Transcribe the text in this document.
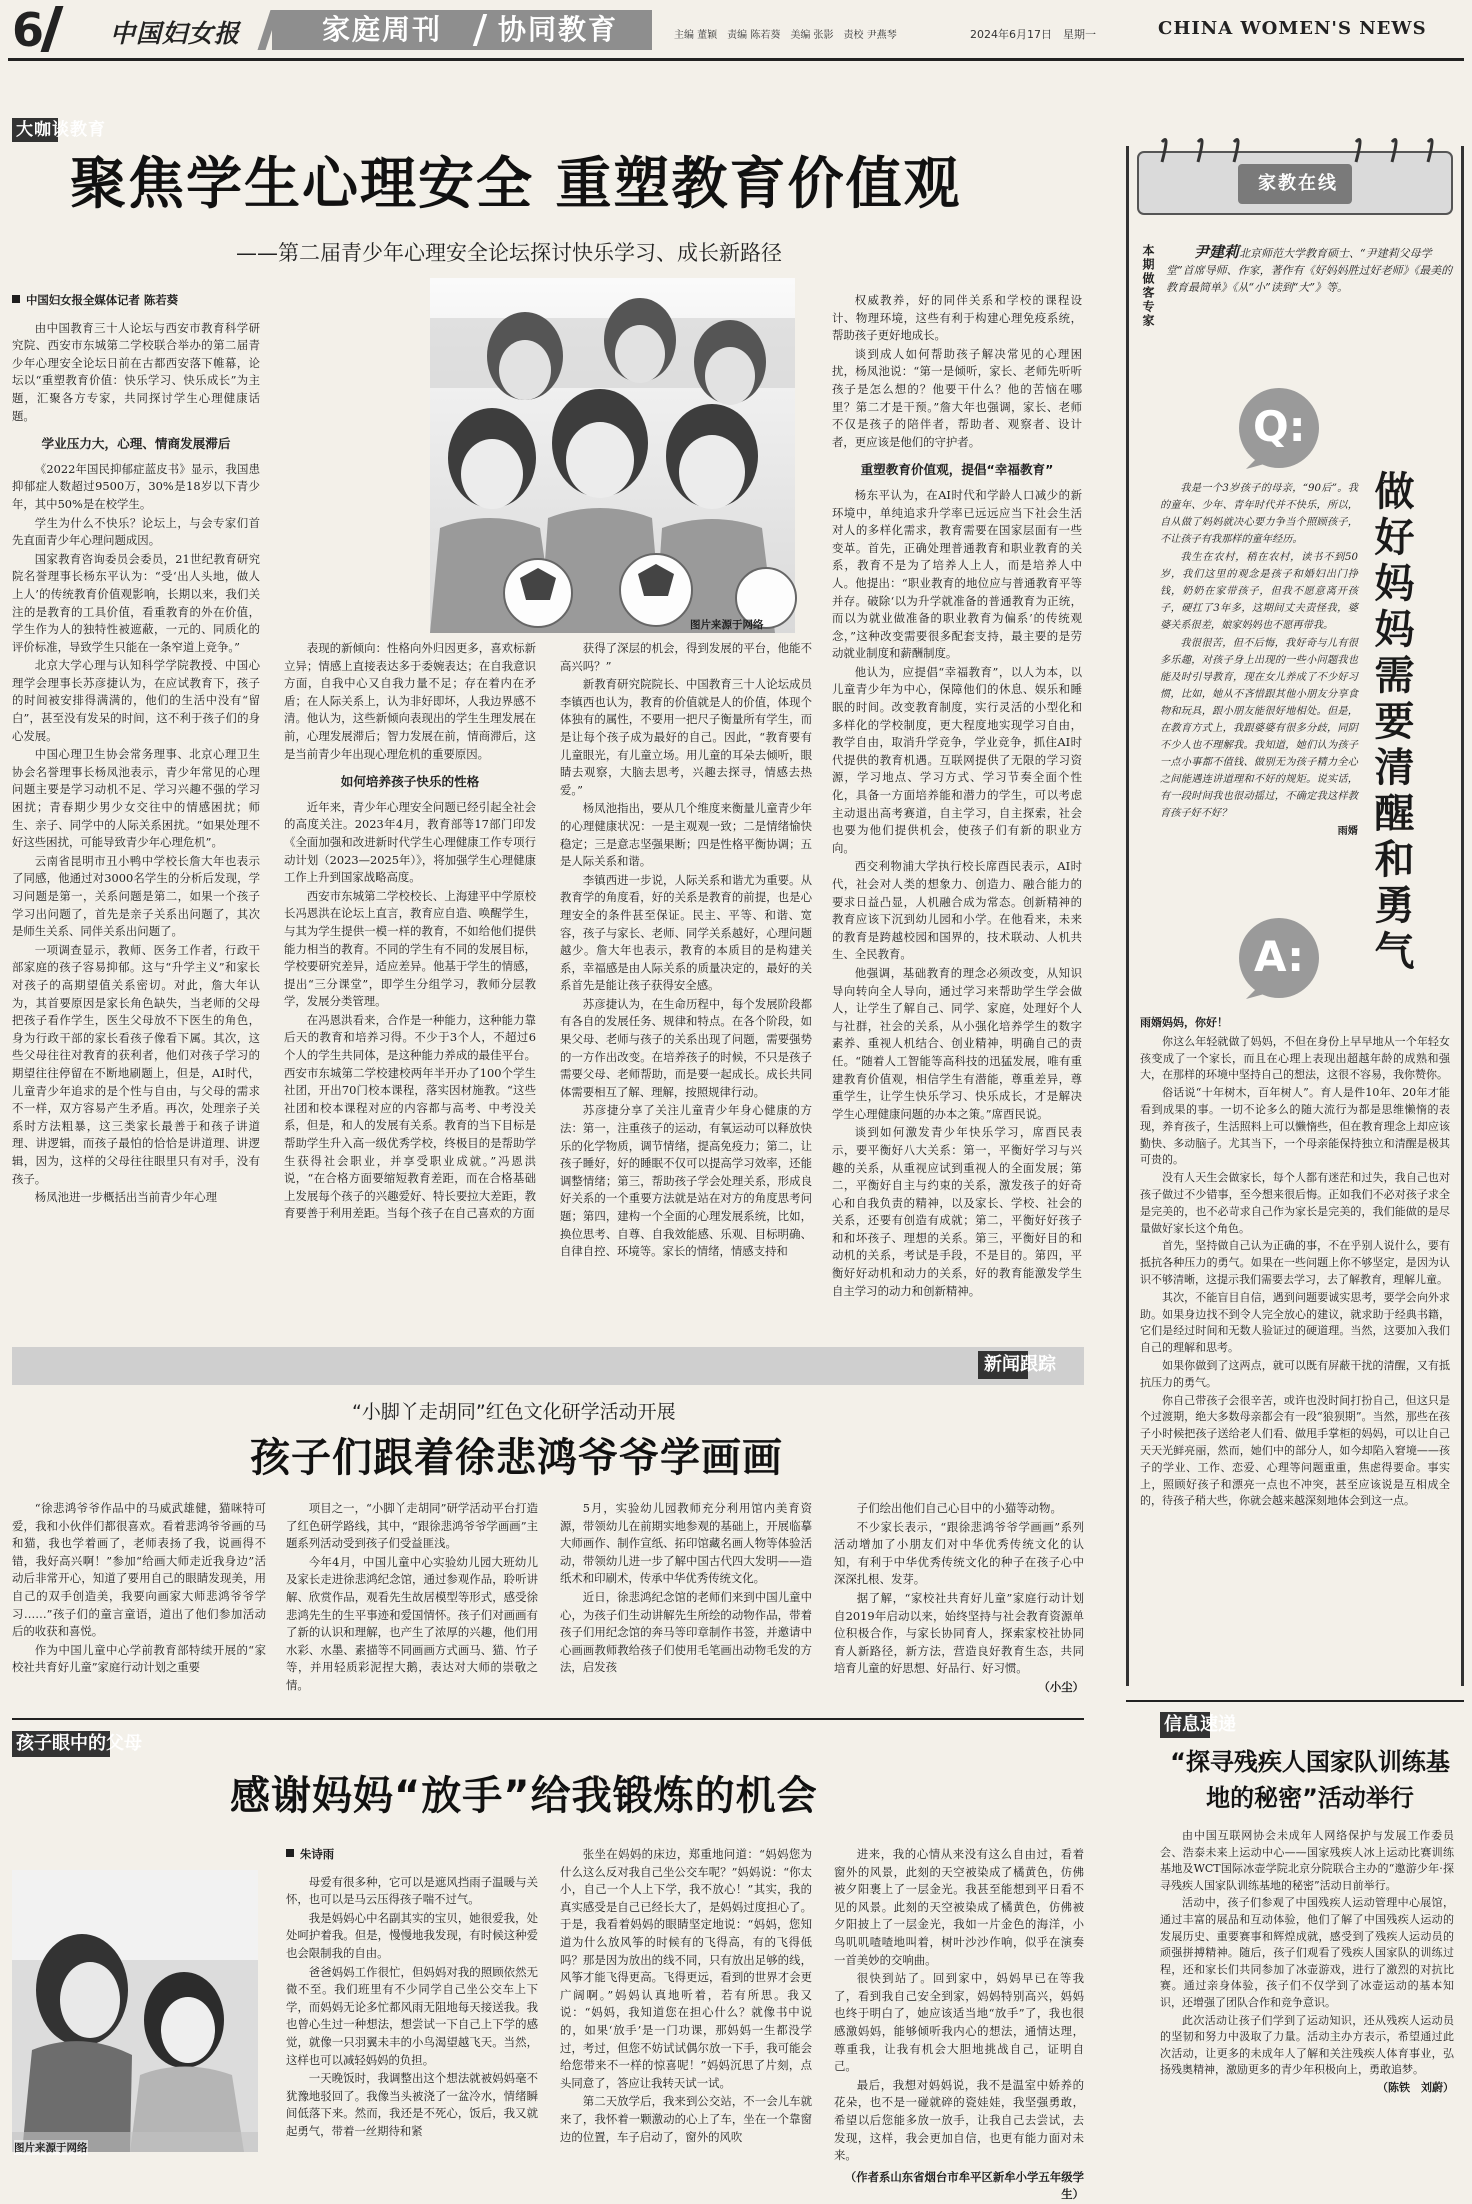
6	中国妇女报	家庭周刊 协同教育	主编 董颖　责编 陈若葵　美编 张影　责校 尹燕琴	2024年6月17日　星期一	CHINA WOMEN'S NEWS
大咖谈教育
聚焦学生心理安全 重塑教育价值观
——第二届青少年心理安全论坛探讨快乐学习、成长新路径
图片来源于网络

中国妇女报全媒体记者 陈若葵

由中国教育三十人论坛与西安市教育科学研究院、西安市东城第二学校联合举办的第二届青少年心理安全论坛日前在古都西安落下帷幕，论坛以“重塑教育价值：快乐学习、快乐成长”为主题，汇聚各方专家，共同探讨学生心理健康话题。

学业压力大，心理、情商发展滞后

《2022年国民抑郁症蓝皮书》显示，我国患抑郁症人数超过9500万，30%是18岁以下青少年，其中50%是在校学生。

学生为什么不快乐？论坛上，与会专家们首先直面青少年心理问题成因。

国家教育咨询委员会委员，21世纪教育研究院名誉理事长杨东平认为：“受‘出人头地，做人上人’的传统教育价值观影响，长期以来，我们关注的是教育的工具价值，看重教育的外在价值，学生作为人的独特性被遮蔽，一元的、同质化的评价标准，导致学生只能在一条窄道上竞争。”

北京大学心理与认知科学学院教授、中国心理学会理事长苏彦捷认为，在应试教育下，孩子的时间被安排得满满的，他们的生活中没有“留白”，甚至没有发呆的时间，这不利于孩子们的身心发展。

中国心理卫生协会常务理事、北京心理卫生协会名誉理事长杨凤池表示，青少年常见的心理问题主要是学习动机不足、学习兴趣不强的学习困扰；青春期少男少女交往中的情感困扰；师生、亲子、同学中的人际关系困扰。“如果处理不好这些困扰，可能导致青少年心理危机”。

云南省昆明市丑小鸭中学校长詹大年也表示了同感，他通过对3000名学生的分析后发现，学习问题是第一，关系问题是第二，如果一个孩子学习出问题了，首先是亲子关系出问题了，其次是师生关系、同伴关系出问题了。

一项调查显示，教师、医务工作者，行政干部家庭的孩子容易抑郁。这与“升学主义”和家长对孩子的高期望值关系密切。对此，詹大年认为，其首要原因是家长角色缺失，当老师的父母把孩子看作学生，医生父母放不下医生的角色，身为行政干部的家长看孩子像看下属。其次，这些父母往往对教育的获利者，他们对孩子学习的期望往往停留在不断地刷题上，但是，AI时代，儿童青少年追求的是个性与自由，与父母的需求不一样，双方容易产生矛盾。再次，处理亲子关系时方法粗暴，这三类家长最善于和孩子讲道理、讲逻辑，而孩子最怕的恰恰是讲道理、讲逻辑，因为，这样的父母往往眼里只有对手，没有孩子。

杨凤池进一步概括出当前青少年心理

表现的新倾向：性格向外归因更多，喜欢标新立异；情感上直接表达多于委婉表达；在自我意识方面，自我中心又自我力量不足；存在着内在矛盾；在人际关系上，认为非好即坏，人我边界感不清。他认为，这些新倾向表现出的学生生理发展在前，心理发展滞后；智力发展在前，情商滞后，这是当前青少年出现心理危机的重要原因。

如何培养孩子快乐的性格

近年来，青少年心理安全问题已经引起全社会的高度关注。2023年4月，教育部等17部门印发《全面加强和改进新时代学生心理健康工作专项行动计划（2023—2025年）》，将加强学生心理健康工作上升到国家战略高度。

西安市东城第二学校校长、上海建平中学原校长冯恩洪在论坛上直言，教育应自造、唤醒学生，与其为学生提供一模一样的教育，不如给他们提供能力相当的教育。不同的学生有不同的发展目标，学校要研究差异，适应差异。他基于学生的情感，提出“三分课堂”，即学生分组学习，教师分层教学，发展分类管理。

在冯恩洪看来，合作是一种能力，这种能力靠后天的教育和培养习得。不少于3个人，不超过6个人的学生共同体，是这种能力养成的最佳平台。西安市东城第二学校建校两年半开办了100个学生社团，开出70门校本课程，落实因材施教。“这些社团和校本课程对应的内容都与高考、中考没关系，但是，和人的发展有关系。教育的当下目标是帮助学生升入高一级优秀学校，终极目的是帮助学生获得社会职业，并享受职业成就。”冯恩洪说，“在合格方面要缩短教育差距，而在合格基础上发展每个孩子的兴趣爱好、特长要拉大差距，教育要善于利用差距。当每个孩子在自己喜欢的方面

获得了深层的机会，得到发展的平台，他能不高兴吗？”

新教育研究院院长、中国教育三十人论坛成员李镇西也认为，教育的价值就是人的价值，体现个体独有的属性，不要用一把尺子衡量所有学生，而是让每个孩子成为最好的自己。因此，“教育要有儿童眼光，有儿童立场。用儿童的耳朵去倾听，眼睛去观察，大脑去思考，兴趣去探寻，情感去热爱。”

杨凤池指出，要从几个维度来衡量儿童青少年的心理健康状况：一是主观观一致；二是情绪愉快稳定；三是意志坚强果断；四是性格平衡协调；五是人际关系和谐。

李镇西进一步说，人际关系和谐尤为重要。从教育学的角度看，好的关系是教育的前提，也是心理安全的条件甚至保证。民主、平等、和谐、宽容，孩子与家长、老师、同学关系越好，心理问题越少。詹大年也表示，教育的本质目的是构建关系，幸福感是由人际关系的质量决定的，最好的关系首先是能让孩子获得安全感。

苏彦捷认为，在生命历程中，每个发展阶段都有各自的发展任务、规律和特点。在各个阶段，如果父母、老师与孩子的关系出现了问题，需要强势的一方作出改变。在培养孩子的时候，不只是孩子需要父母、老师帮助，而是要一起成长。成长共同体需要相互了解、理解，按照规律行动。

苏彦捷分享了关注儿童青少年身心健康的方法：第一，注重孩子的运动，有氧运动可以释放快乐的化学物质，调节情绪，提高免疫力；第二，让孩子睡好，好的睡眠不仅可以提高学习效率，还能调整情绪；第三，帮助孩子学会处理关系，形成良好关系的一个重要方法就是站在对方的角度思考问题；第四，建构一个全面的心理发展系统，比如，换位思考、自尊、自我效能感、乐观、目标明确、自律自控、环境等。家长的情绪，情感支持和

权威教养，好的同伴关系和学校的课程设计、物理环境，这些有利于构建心理免疫系统，帮助孩子更好地成长。

谈到成人如何帮助孩子解决常见的心理困扰，杨凤池说：“第一是倾听，家长、老师先听听孩子是怎么想的？他要干什么？他的苦恼在哪里？第二才是干预。”詹大年也强调，家长、老师不仅是孩子的陪伴者，帮助者、观察者、设计者，更应该是他们的守护者。

重塑教育价值观，提倡“幸福教育”

杨东平认为，在AI时代和学龄人口减少的新环境中，单纯追求升学率已远远应当下社会生活对人的多样化需求，教育需要在国家层面有一些变革。首先，正确处理普通教育和职业教育的关系，教育不是为了培养人上人，而是培养人中人。他提出：“职业教育的地位应与普通教育平等并存。破除‘以为升学就准备的普通教育为正统，而以为就业做准备的职业教育为偏系’的传统观念，”这种改变需要很多配套支持，最主要的是劳动就业制度和薪酬制度。

他认为，应提倡“幸福教育”，以人为本，以儿童青少年为中心，保障他们的休息、娱乐和睡眠的时间。改变教育制度，实行灵活的小型化和多样化的学校制度，更大程度地实现学习自由，教学自由，取消升学竞争，学业竞争，抓住AI时代提供的教育机遇。互联网提供了无限的学习资源，学习地点、学习方式、学习节奏全面个性化，具备一方面培养能和潜力的学生，可以考虑主动退出高考赛道，自主学习，自主探索，社会也要为他们提供机会，使孩子们有新的职业方向。

西交利物浦大学执行校长席酉民表示，AI时代，社会对人类的想象力、创造力、融合能力的要求日益凸显，人机融合成为常态。创新精神的教育应该下沉到幼儿园和小学。在他看来，未来的教育是跨越校园和国界的，技术联动、人机共生、全民教育。

他强调，基础教育的理念必须改变，从知识导向转向全人导向，通过学习来帮助学生学会做人，让学生了解自己、同学、家庭，处理好个人与社群，社会的关系，从小强化培养学生的数字素养、重视人机结合、创业精神，明确自己的责任。“随着人工智能等高科技的迅猛发展，唯有重建教育价值观，相信学生有潜能，尊重差异，尊重学生，让学生快乐学习、快乐成长，才是解决学生心理健康问题的办本之策。”席酉民说。

谈到如何激发青少年快乐学习，席酉民表示，要平衡好八大关系：第一，平衡好学习与兴趣的关系，从重视应试到重视人的全面发展；第二，平衡好自主与约束的关系，激发孩子的好奇心和自我负责的精神，以及家长、学校、社会的关系，还要有创造有成就；第二，平衡好好孩子和和坏孩子、理想的关系。第三，平衡好目的和动机的关系，考试是手段，不是目的。第四，平衡好好动机和动力的关系，好的教育能激发学生自主学习的动力和创新精神。

新闻跟踪
“小脚丫走胡同”红色文化研学活动开展
孩子们跟着徐悲鸿爷爷学画画

“徐悲鸿爷爷作品中的马威武雄健，猫咪特可爱，我和小伙伴们都很喜欢。看着悲鸿爷爷画的马和猫，我也学着画了，老师表扬了我，说画得不错，我好高兴啊！”参加“给画大师走近我身边”活动后非常开心，知道了要用自己的眼睛发现美，用自己的双手创造美，我要向画家大师悲鸿爷爷学习……”孩子们的童言童语，道出了他们参加活动后的收获和喜悦。

作为中国儿童中心学前教育部特续开展的“家校社共育好儿童”家庭行动计划之重要

项目之一，“小脚丫走胡同”研学活动平台打造了红色研学路线，其中，“跟徐悲鸿爷爷学画画”主题系列活动受到孩子们受益匪浅。

今年4月，中国儿童中心实验幼儿园大班幼儿及家长走进徐悲鸿纪念馆，通过参观作品，聆听讲解、欣赏作品，观看先生故居模型等形式，感受徐悲鸿先生的生平事迹和爱国情怀。孩子们对画画有了新的认识和理解，也产生了浓厚的兴趣，他们用水彩、水墨、素描等不同画画方式画马、猫、竹子等，并用轻质彩泥捏大鹅，表达对大师的崇敬之情。

5月，实验幼儿园教师充分利用馆内美育资源，带领幼儿在前期实地参观的基础上，开展临摹大师画作、制作宣纸、拓印馆藏名画人物等体验活动，带领幼儿进一步了解中国古代四大发明——造纸术和印刷术，传承中华优秀传统文化。

近日，徐悲鸿纪念馆的老师们来到中国儿童中心，为孩子们生动讲解先生所绘的动物作品，带着孩子们用纪念馆的奔马等印章制作书签，并邀请中心画画教师教给孩子们使用毛笔画出动物毛发的方法，启发孩

子们绘出他们自己心目中的小猫等动物。

不少家长表示，“跟徐悲鸿爷爷学画画”系列活动增加了小朋友们对中华优秀传统文化的认知，有利于中华优秀传统文化的种子在孩子心中深深扎根、发芽。

据了解，“家校社共育好儿童”家庭行动计划自2019年启动以来，始终坚持与社会教育资源单位积极合作，与家长协同育人，探索家校社协同育人新路径，新方法，营造良好教育生态，共同培育儿童的好思想、好品行、好习惯。

（小尘）
孩子眼中的父母
感谢妈妈“放手”给我锻炼的机会
图片来源于网络

朱诗雨

母爱有很多种，它可以是遮风挡雨子温暖与关怀，也可以是马云压得孩子喘不过气。

我是妈妈心中名副其实的宝贝，她很爱我，处处呵护着我。但是，慢慢地我发现，有时候这种爱也会限制我的自由。

爸爸妈妈工作很忙，但妈妈对我的照顾依然无微不至。我们班里有不少同学自己坐公交车上下学，而妈妈无论多忙都风雨无阻地每天接送我。我也曾心生过一种想法，想尝试一下自己上下学的感觉，就像一只羽翼未丰的小鸟渴望越飞天。当然，这样也可以减轻妈妈的负担。

一天晚饭时，我调整出这个想法就被妈妈毫不犹豫地驳回了。我像当头被浇了一盆冷水，情绪瞬间低落下来。然而，我还是不死心，饭后，我又就起勇气，带着一丝期待和紧

张坐在妈妈的床边，郑重地问道：“妈妈您为什么这么反对我自己坐公交车呢？”妈妈说：“你太小，自己一个人上下学，我不放心！”其实，我的真实感受是自己已经长大了，是妈妈过度担心了。于是，我看着妈妈的眼睛坚定地说：“妈妈，您知道为什么放风筝的时候有的飞得高，有的飞得低吗？那是因为放出的线不同，只有放出足够的线，风筝才能飞得更高。飞得更远，看到的世界才会更广阔啊。”妈妈认真地听着，若有所思。我又说：“妈妈，我知道您在担心什么？就像书中说的，如果‘放手’是一门功课，那妈妈一生都没学过，考过，但您不妨试试偶尔放一下手，我可能会给您带来不一样的惊喜呢！”妈妈沉思了片刻，点头同意了，答应让我转天试一试。

第二天放学后，我来到公交站，不一会儿车就来了，我怀着一颗激动的心上了车，坐在一个靠窗边的位置，车子启动了，窗外的风吹

进来，我的心情从来没有这么自由过，看着窗外的风景，此刻的天空被染成了橘黄色，仿佛被夕阳裹上了一层金光。我甚至能想到平日看不见的风景。此刻的天空被染成了橘黄色，仿佛被夕阳披上了一层金光，我如一片金色的海洋，小鸟叽叽喳喳地叫着，树叶沙沙作响，似乎在演奏一首美妙的交响曲。

很快到站了。回到家中，妈妈早已在等我了，看到我自己安全到家，妈妈特别高兴，妈妈也终于明白了，她应该适当地“放手”了，我也很感激妈妈，能够倾听我内心的想法，通情达理，尊重我，让我有机会大胆地挑战自己，证明自己。

最后，我想对妈妈说，我不是温室中娇养的花朵，也不是一碰就碎的瓷娃娃，我坚强勇敢，希望以后您能多放一放手，让我自己去尝试，去发现，这样，我会更加自信，也更有能力面对未来。

（作者系山东省烟台市牟平区新牟小学五年级学生）
家教在线
本期做客专家	尹建莉北京师范大学教育硕士、“尹建莉父母学堂”首席导师、作家，著作有《好妈妈胜过好老师》《最美的教育最简单》《从“小”读到“大”》等。
Q:
做好妈妈需要清醒和勇气

我是一个3岁孩子的母亲，“90后”。我的童年、少年、青年时代并不快乐，所以，自从做了妈妈就决心要力争当个照顾孩子，不让孩子有我那样的童年经历。

我生在农村，稍在农村，读书不到50岁，我们这里的观念是孩子和婚妇出门挣钱，奶奶在家带孩子，但我不愿意离开孩子，硬扛了3年多，这期间丈夫责怪我，婆婆关系很差，娘家妈妈也不愿再带我。

我很很苦，但不后悔，我好奇与儿有很多乐趣，对孩子身上出现的一些小问题我也能及时引导教育，现在女儿养成了不少好习惯，比如，她从不吝惜跟其他小朋友分享食物和玩具，跟小朋友能很好地相处。但是，在教育方式上，我跟婆婆有很多分歧，同阴不少人也不理解我。我知道，她们认为孩子一点小事都不值钱、做别无为孩子精力全心之间能遇连讲道理和不好的规矩。说实话，有一段时间我也很动摇过，不确定我这样教育孩子好不好？

雨婿
A:

雨婿妈妈，你好！

你这么年轻就做了妈妈，不但在身份上早早地从一个年轻女孩变成了一个家长，而且在心理上表现出超越年龄的成熟和强大，在那样的环境中坚持自己的想法，这很不容易，我你赞你。

俗话说“十年树木，百年树人”。育人是件10年、20年才能看到成果的事。一切不论多么的随大流行为都是思维懒惰的表现，养育孩子，生活照料上可以懒惰些，但在教育理念上却应该勤快、多动脑子。尤其当下，一个母亲能保持独立和清醒是极其可贵的。

没有人天生会做家长，每个人都有迷茫和过失，我自己也对孩子做过不少错事，至今想来很后悔。正如我们不必对孩子求全是完美的，也不必苛求自己作为家长是完美的，我们能做的是尽量做好家长这个角色。

首先，坚持做自己认为正确的事，不在乎别人说什么，要有抵抗各种压力的勇气。如果在一些问题上你不够坚定，是因为认识不够清晰，这提示我们需要去学习，去了解教育，理解儿童。

其次，不能盲目自信，遇到问题要诚实思考，要学会向外求助。如果身边找不到令人完全放心的建议，就求助于经典书籍，它们是经过时间和无数人验证过的硬道理。当然，这要加入我们自己的理解和思考。

如果你做到了这两点，就可以既有屏蔽干扰的清醒，又有抵抗压力的勇气。

你自己带孩子会很辛苦，或许也没时间打扮自己，但这只是个过渡期，绝大多数母亲都会有一段“狼狈期”。当然，那些在孩子小时候把孩子送给老人们看、做甩手掌柜的妈妈，可以让自己天天光鲜亮丽，然而，她们中的部分人，如今却陷入窘境——孩子的学业、工作、恋爱、心理等问题重重，焦虑得要命。事实上，照顾好孩子和漂亮一点也不冲突，甚至应该说是互相成全的，待孩子稍大些，你就会越来越深刻地体会到这一点。

信息速递
“探寻残疾人国家队训练基地的秘密”活动举行

由中国互联网协会未成年人网络保护与发展工作委员会、浩泰未来上运动中心——国家残疾人冰上运动比赛训练基地及WCT国际冰壶学院北京分院联合主办的“邀游少年·探寻残疾人国家队训练基地的秘密”活动日前举行。

活动中，孩子们参观了中国残疾人运动管理中心展馆，通过丰富的展品和互动体验，他们了解了中国残疾人运动的发展历史、重要赛事和辉煌成就，感受到了残疾人运动员的顽强拼搏精神。随后，孩子们观看了残疾人国家队的训练过程，还和家长们共同参加了冰壶游戏，进行了激烈的对抗比赛。通过亲身体验，孩子们不仅学到了冰壶运动的基本知识，还增强了团队合作和竞争意识。

此次活动让孩子们学到了运动知识，还从残疾人运动员的坚韧和努力中汲取了力量。活动主办方表示，希望通过此次活动，让更多的未成年人了解和关注残疾人体育事业，弘扬残奥精神，激励更多的青少年积极向上，勇敢追梦。

（陈铁　刘蔚）
